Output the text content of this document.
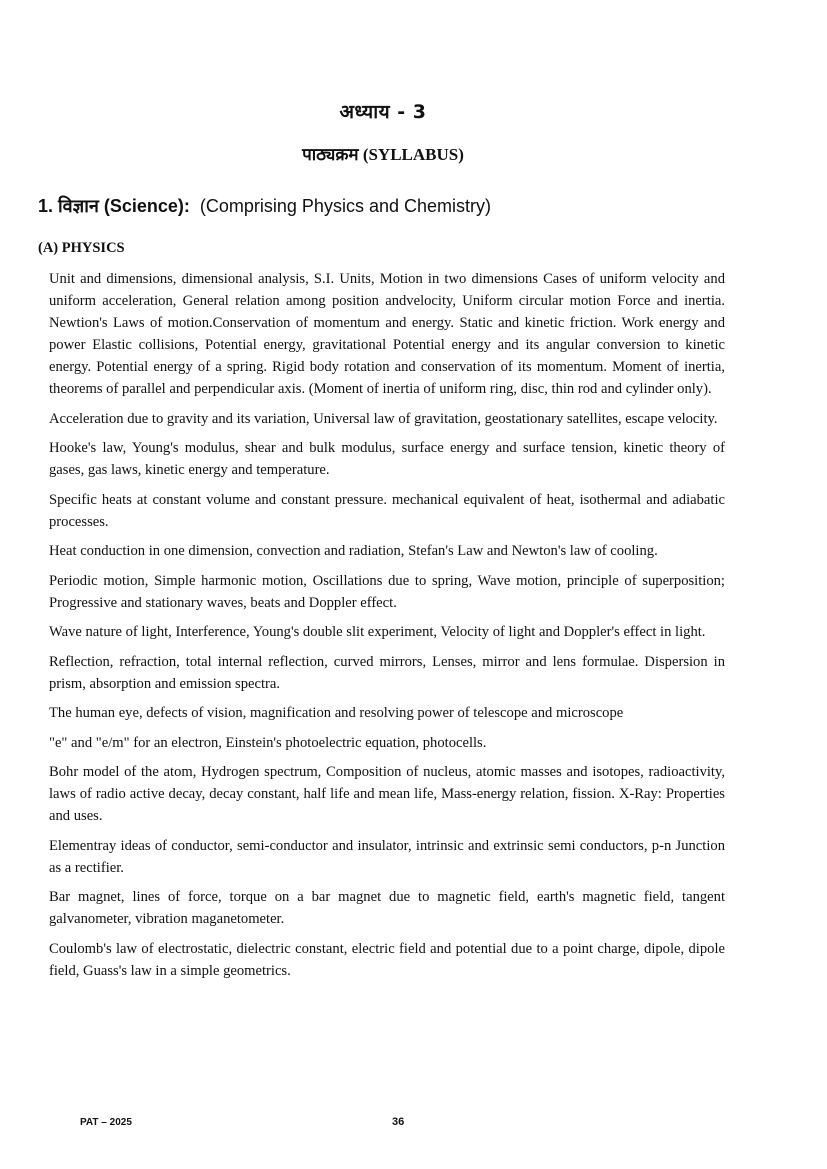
अध्याय - 3
पाठ्यक्रम (SYLLABUS)
1. विज्ञान (Science): (Comprising Physics and Chemistry)
(A) PHYSICS

Unit and dimensions, dimensional analysis, S.I. Units, Motion in two dimensions Cases of uniform velocity and uniform acceleration, General relation among position andvelocity, Uniform circular motion Force and inertia. Newtion's Laws of motion.Conservation of momentum and energy. Static and kinetic friction. Work energy and power Elastic collisions, Potential energy, gravitational Potential energy and its angular conversion to kinetic energy. Potential energy of a spring. Rigid body rotation and conservation of its momentum. Moment of inertia, theorems of parallel and perpendicular axis. (Moment of inertia of uniform ring, disc, thin rod and cylinder only).

Acceleration due to gravity and its variation, Universal law of gravitation, geostationary satellites, escape velocity.

Hooke's law, Young's modulus, shear and bulk modulus, surface energy and surface tension, kinetic theory of gases, gas laws, kinetic energy and temperature.

Specific heats at constant volume and constant pressure. mechanical equivalent of heat, isothermal and adiabatic processes.

Heat conduction in one dimension, convection and radiation, Stefan's Law and Newton's law of cooling.

Periodic motion, Simple harmonic motion, Oscillations due to spring, Wave motion, principle of superposition; Progressive and stationary waves, beats and Doppler effect.

Wave nature of light, Interference, Young's double slit experiment, Velocity of light and Doppler's effect in light.

Reflection, refraction, total internal reflection, curved mirrors, Lenses, mirror and lens formulae. Dispersion in prism, absorption and emission spectra.

The human eye, defects of vision, magnification and resolving power of telescope and microscope

"e" and "e/m" for an electron, Einstein's photoelectric equation, photocells.

Bohr model of the atom, Hydrogen spectrum, Composition of nucleus, atomic masses and isotopes, radioactivity, laws of radio active decay, decay constant, half life and mean life, Mass-energy relation, fission. X-Ray: Properties and uses.

Elementray ideas of conductor, semi-conductor and insulator, intrinsic and extrinsic semi conductors, p-n Junction as a rectifier.

Bar magnet, lines of force, torque on a bar magnet due to magnetic field, earth's magnetic field, tangent galvanometer, vibration maganetometer.

Coulomb's law of electrostatic, dielectric constant, electric field and potential due to a point charge, dipole, dipole field, Guass's law in a simple geometrics.

PAT – 2025	36
